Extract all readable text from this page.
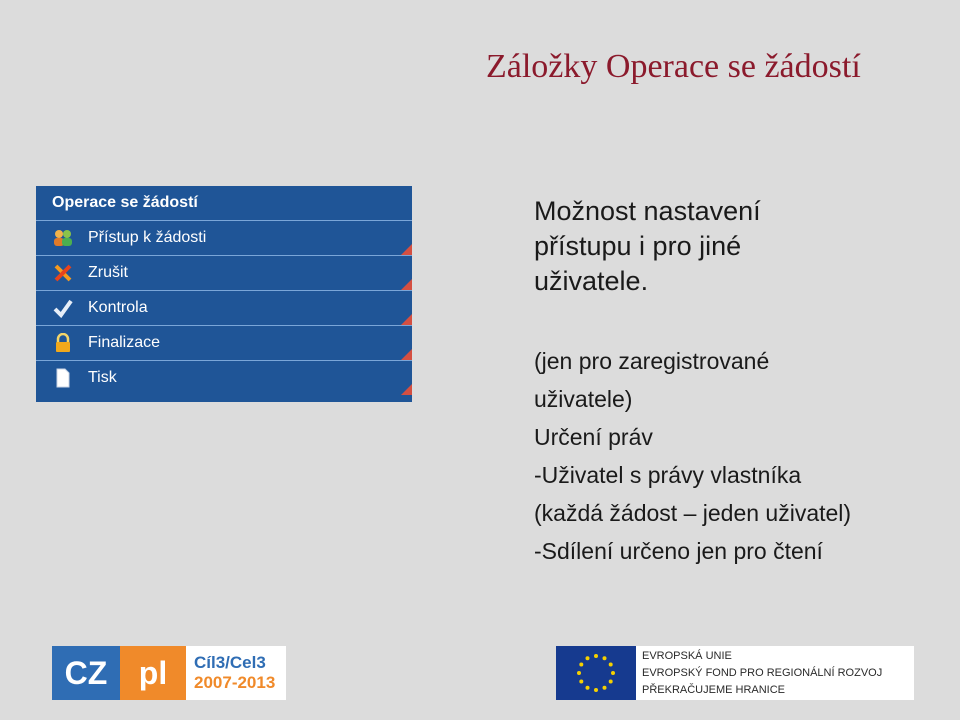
Záložky Operace se žádostí
Operace se žádostí
Přístup k žádosti
Zrušit
Kontrola
Finalizace
Tisk
Možnost nastavení
přístupu i pro jiné
uživatele.
(jen pro zaregistrované
uživatele)
Určení práv
-Uživatel s právy vlastníka
(každá žádost – jeden uživatel)
-Sdílení určeno jen pro čtení
CZ pl	Cíl3/Cel3
2007-2013
EVROPSKÁ UNIE
EVROPSKÝ FOND PRO REGIONÁLNÍ ROZVOJ
PŘEKRAČUJEME HRANICE
